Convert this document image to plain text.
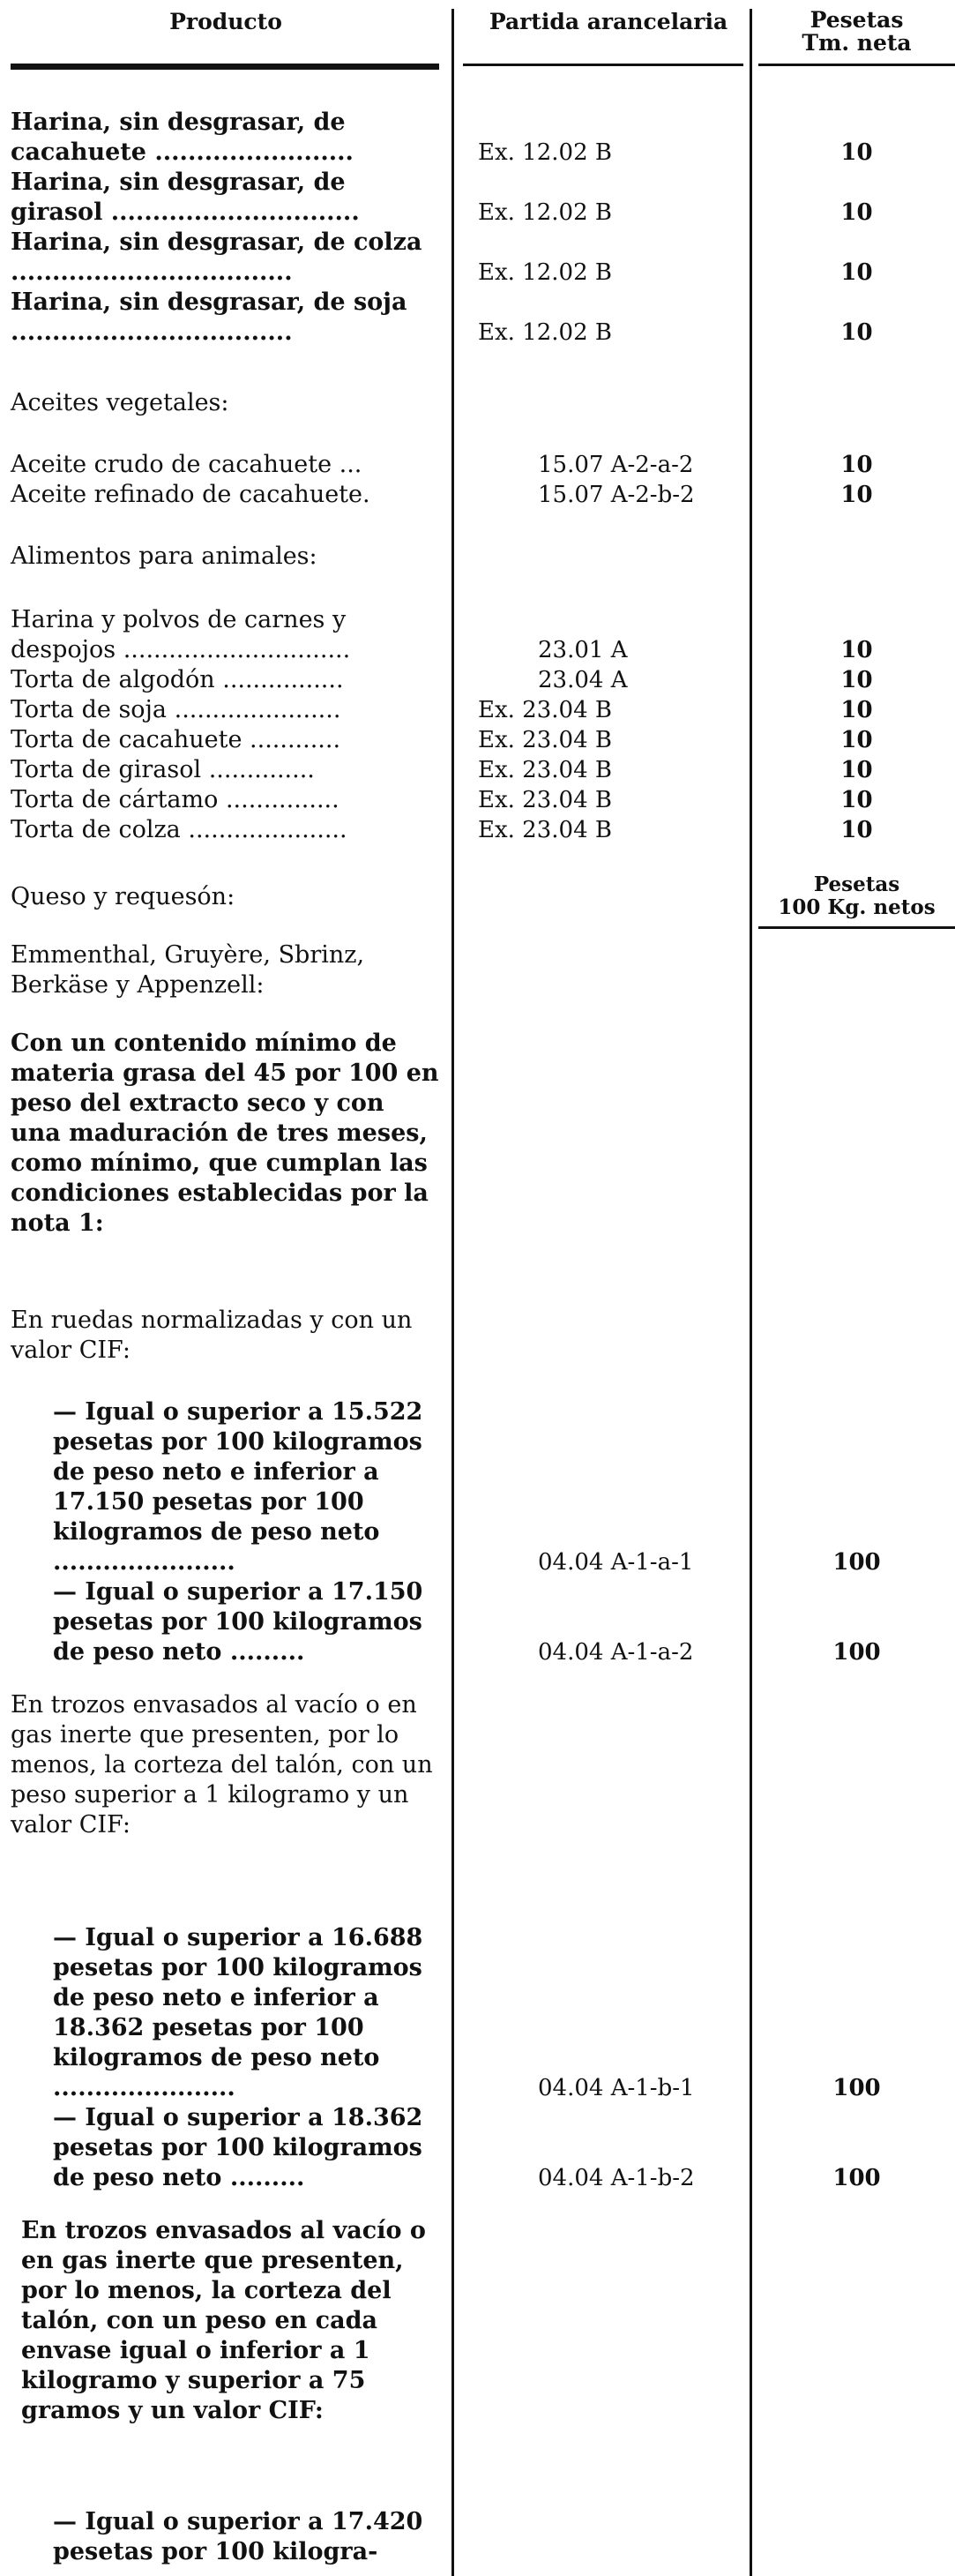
Producto	Partida arancelaria	Pesetas
Tm. neta
Harina, sin desgrasar, de cacahuete ........................	Ex. 12.02 B	10
Harina, sin desgrasar, de girasol ..............................	Ex. 12.02 B	10
Harina, sin desgrasar, de colza ..................................	Ex. 12.02 B	10
Harina, sin desgrasar, de soja ..................................	Ex. 12.02 B	10
Aceites vegetales:
Aceite crudo de cacahuete ...	15.07 A-2-a-2	10
Aceite refinado de cacahuete.	15.07 A-2-b-2	10
Alimentos para animales:
Harina y polvos de carnes y despojos ..............................	23.01 A	10
Torta de algodón ................	23.04 A	10
Torta de soja ......................	Ex. 23.04 B	10
Torta de cacahuete ............	Ex. 23.04 B	10
Torta de girasol ..............	Ex. 23.04 B	10
Torta de cártamo ...............	Ex. 23.04 B	10
Torta de colza .....................	Ex. 23.04 B	10
Pesetas
100 Kg. netos
Queso y requesón:
Emmenthal, Gruyère, Sbrinz, Berkäse y Appenzell:
Con un contenido mínimo de materia grasa del 45 por 100 en peso del extracto seco y con una maduración de tres meses, como mínimo, que cumplan las condiciones establecidas por la nota 1:
En ruedas normalizadas y con un valor CIF:
— Igual o superior a 15.522 pesetas por 100 kilogramos de peso neto e inferior a 17.150 pesetas por 100 kilogramos de peso neto ......................	04.04 A-1-a-1	100
— Igual o superior a 17.150 pesetas por 100 kilogramos de peso neto .........	04.04 A-1-a-2	100
En trozos envasados al vacío o en gas inerte que presenten, por lo menos, la corteza del talón, con un peso superior a 1 kilogramo y un valor CIF:
— Igual o superior a 16.688 pesetas por 100 kilogramos de peso neto e inferior a 18.362 pesetas por 100 kilogramos de peso neto ......................	04.04 A-1-b-1	100
— Igual o superior a 18.362 pesetas por 100 kilogramos de peso neto .........	04.04 A-1-b-2	100
En trozos envasados al vacío o en gas inerte que presenten, por lo menos, la corteza del talón, con un peso en cada envase igual o inferior a 1 kilogramo y superior a 75 gramos y un valor CIF:
— Igual o superior a 17.420 pesetas por 100 kilogra-
